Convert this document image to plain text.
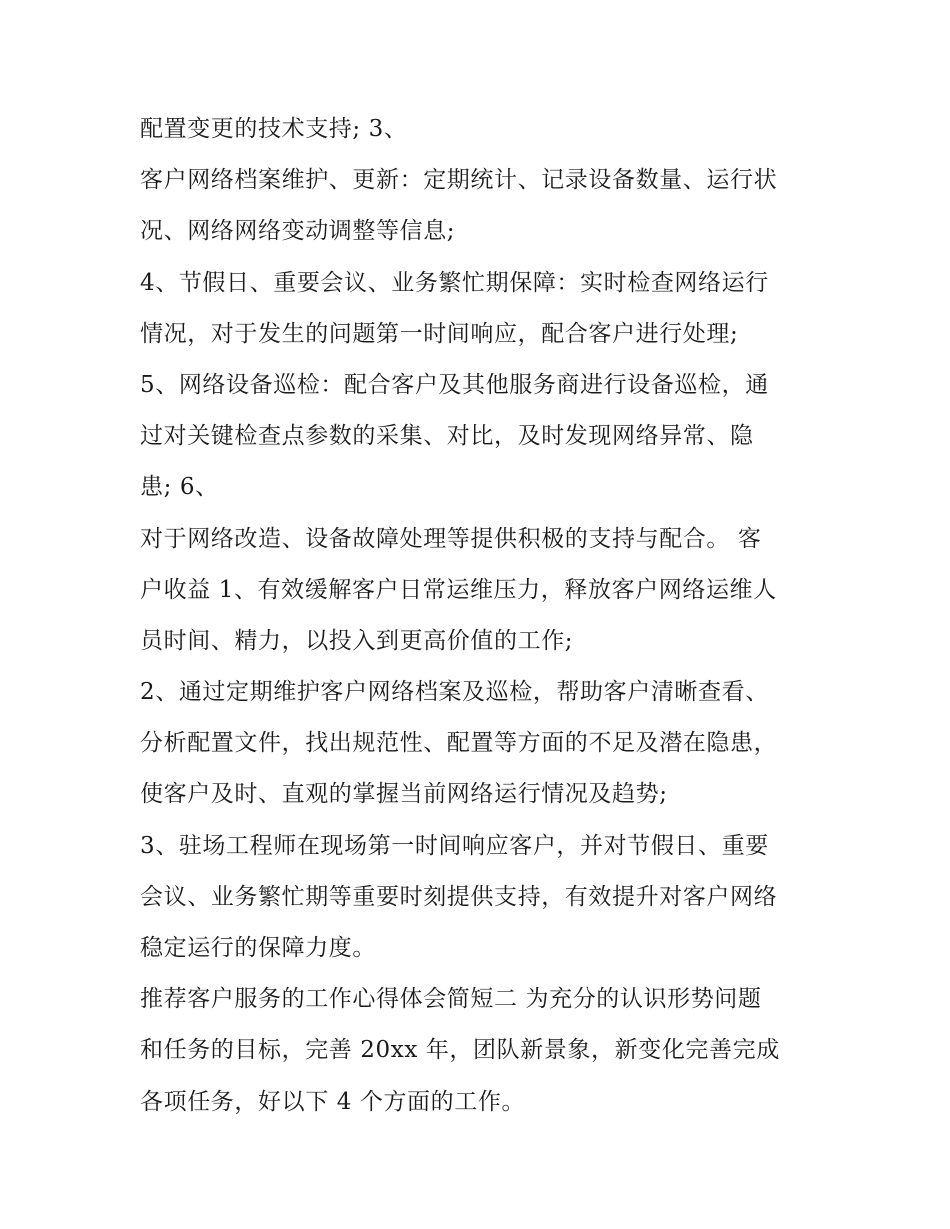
配置变更的技术支持; 3、
客户网络档案维护、更新：定期统计、记录设备数量、运行状
况、网络网络变动调整等信息;
4、节假日、重要会议、业务繁忙期保障：实时检查网络运行
情况，对于发生的问题第一时间响应，配合客户进行处理;
5、网络设备巡检：配合客户及其他服务商进行设备巡检，通
过对关键检查点参数的采集、对比，及时发现网络异常、隐
患; 6、
对于网络改造、设备故障处理等提供积极的支持与配合。 客
户收益 1、有效缓解客户日常运维压力，释放客户网络运维人
员时间、精力，以投入到更高价值的工作;
2、通过定期维护客户网络档案及巡检，帮助客户清晰查看、
分析配置文件，找出规范性、配置等方面的不足及潜在隐患，
使客户及时、直观的掌握当前网络运行情况及趋势;
3、驻场工程师在现场第一时间响应客户，并对节假日、重要
会议、业务繁忙期等重要时刻提供支持，有效提升对客户网络
稳定运行的保障力度。
推荐客户服务的工作心得体会简短二 为充分的认识形势问题
和任务的目标，完善 20xx 年，团队新景象，新变化完善完成
各项任务，好以下 4 个方面的工作。
